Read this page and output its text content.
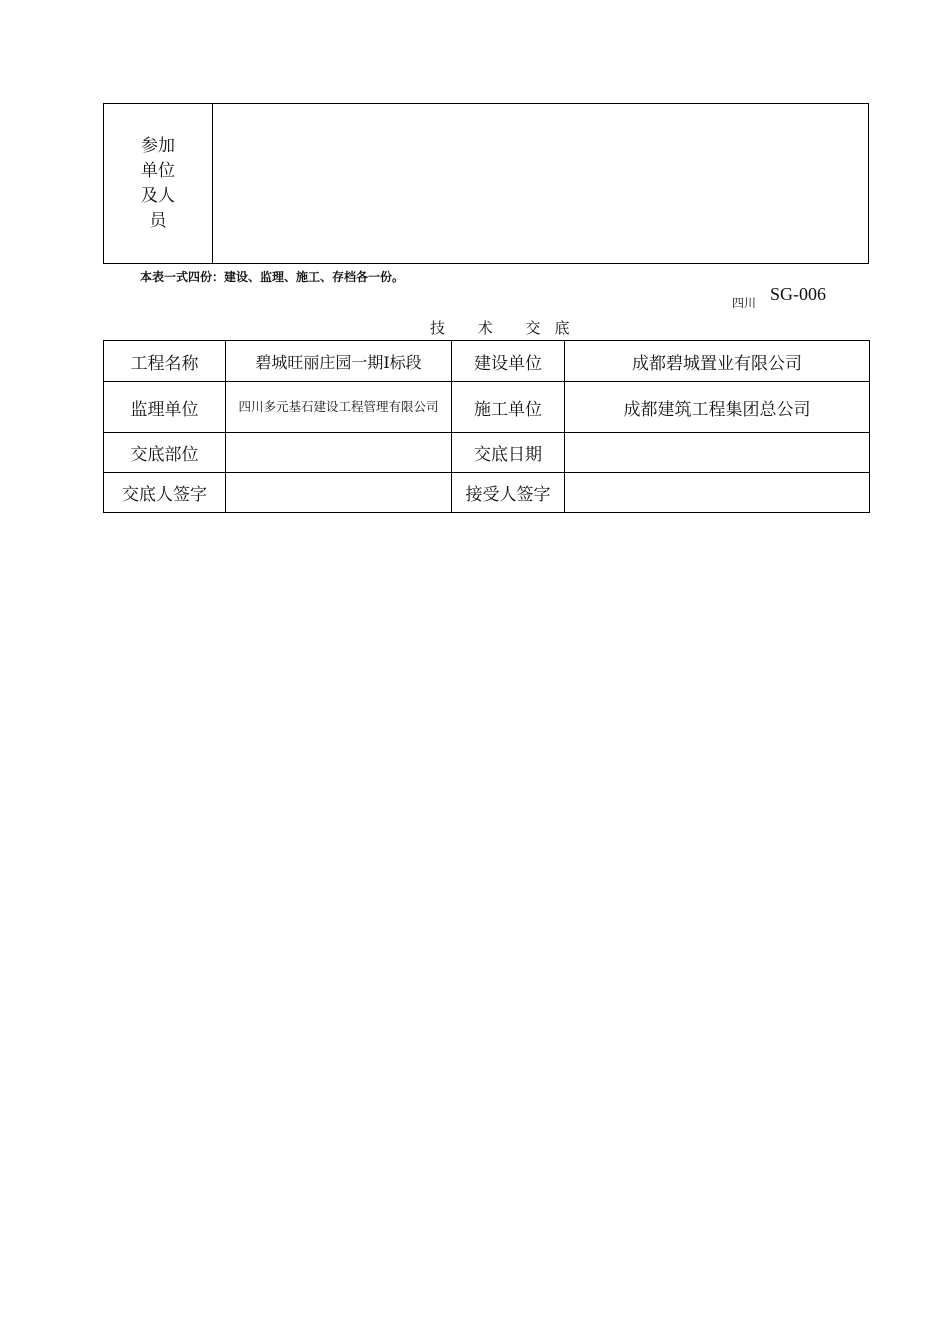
参加单位及人员
本表一式四份：建设、监理、施工、存档各一份。
四川 SG-006
技 术 交底
工程名称	碧城旺丽庄园一期Ⅰ标段	建设单位	成都碧城置业有限公司
监理单位	四川多元基石建设工程管理有限公司	施工单位	成都建筑工程集团总公司
交底部位		交底日期	
交底人签字		接受人签字	
